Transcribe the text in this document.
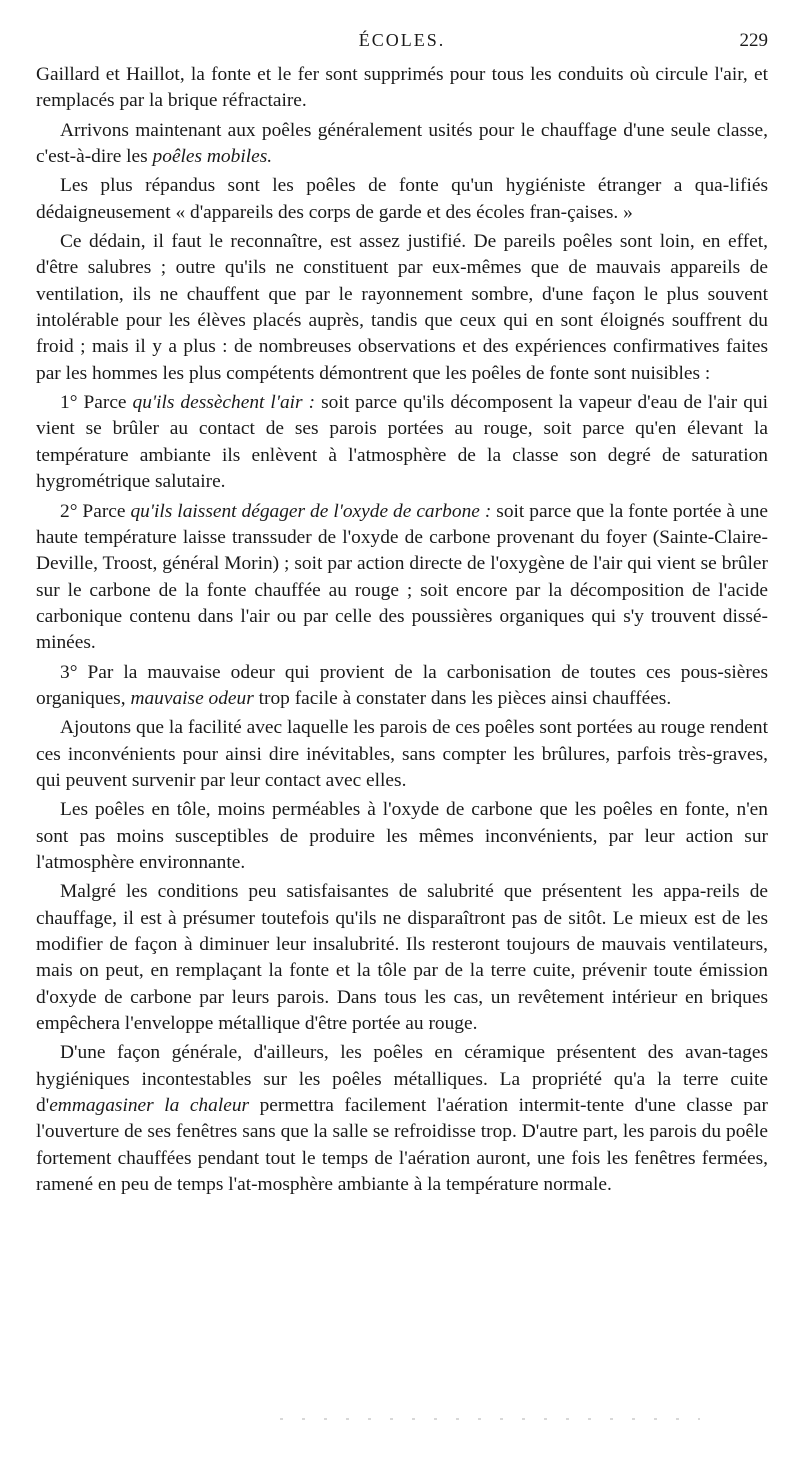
ÉCOLES.	229

Gaillard et Haillot, la fonte et le fer sont supprimés pour tous les conduits où circule l'air, et remplacés par la brique réfractaire.

Arrivons maintenant aux poêles généralement usités pour le chauffage d'une seule classe, c'est-à-dire les poêles mobiles.

Les plus répandus sont les poêles de fonte qu'un hygiéniste étranger a qua-lifiés dédaigneusement « d'appareils des corps de garde et des écoles fran-çaises. »

Ce dédain, il faut le reconnaître, est assez justifié. De pareils poêles sont loin, en effet, d'être salubres ; outre qu'ils ne constituent par eux-mêmes que de mauvais appareils de ventilation, ils ne chauffent que par le rayonnement sombre, d'une façon le plus souvent intolérable pour les élèves placés auprès, tandis que ceux qui en sont éloignés souffrent du froid ; mais il y a plus : de nombreuses observations et des expériences confirmatives faites par les hommes les plus compétents démontrent que les poêles de fonte sont nuisibles :

1° Parce qu'ils dessèchent l'air : soit parce qu'ils décomposent la vapeur d'eau de l'air qui vient se brûler au contact de ses parois portées au rouge, soit parce qu'en élevant la température ambiante ils enlèvent à l'atmosphère de la classe son degré de saturation hygrométrique salutaire.

2° Parce qu'ils laissent dégager de l'oxyde de carbone : soit parce que la fonte portée à une haute température laisse transsuder de l'oxyde de carbone provenant du foyer (Sainte-Claire-Deville, Troost, général Morin) ; soit par action directe de l'oxygène de l'air qui vient se brûler sur le carbone de la fonte chauffée au rouge ; soit encore par la décomposition de l'acide carbonique contenu dans l'air ou par celle des poussières organiques qui s'y trouvent dissé-minées.

3° Par la mauvaise odeur qui provient de la carbonisation de toutes ces pous-sières organiques, mauvaise odeur trop facile à constater dans les pièces ainsi chauffées.

Ajoutons que la facilité avec laquelle les parois de ces poêles sont portées au rouge rendent ces inconvénients pour ainsi dire inévitables, sans compter les brûlures, parfois très-graves, qui peuvent survenir par leur contact avec elles.

Les poêles en tôle, moins perméables à l'oxyde de carbone que les poêles en fonte, n'en sont pas moins susceptibles de produire les mêmes inconvénients, par leur action sur l'atmosphère environnante.

Malgré les conditions peu satisfaisantes de salubrité que présentent les appa-reils de chauffage, il est à présumer toutefois qu'ils ne disparaîtront pas de sitôt. Le mieux est de les modifier de façon à diminuer leur insalubrité. Ils resteront toujours de mauvais ventilateurs, mais on peut, en remplaçant la fonte et la tôle par de la terre cuite, prévenir toute émission d'oxyde de carbone par leurs parois. Dans tous les cas, un revêtement intérieur en briques empêchera l'enveloppe métallique d'être portée au rouge.

D'une façon générale, d'ailleurs, les poêles en céramique présentent des avan-tages hygiéniques incontestables sur les poêles métalliques. La propriété qu'a la terre cuite d'emmagasiner la chaleur permettra facilement l'aération intermit-tente d'une classe par l'ouverture de ses fenêtres sans que la salle se refroidisse trop. D'autre part, les parois du poêle fortement chauffées pendant tout le temps de l'aération auront, une fois les fenêtres fermées, ramené en peu de temps l'at-mosphère ambiante à la température normale.
